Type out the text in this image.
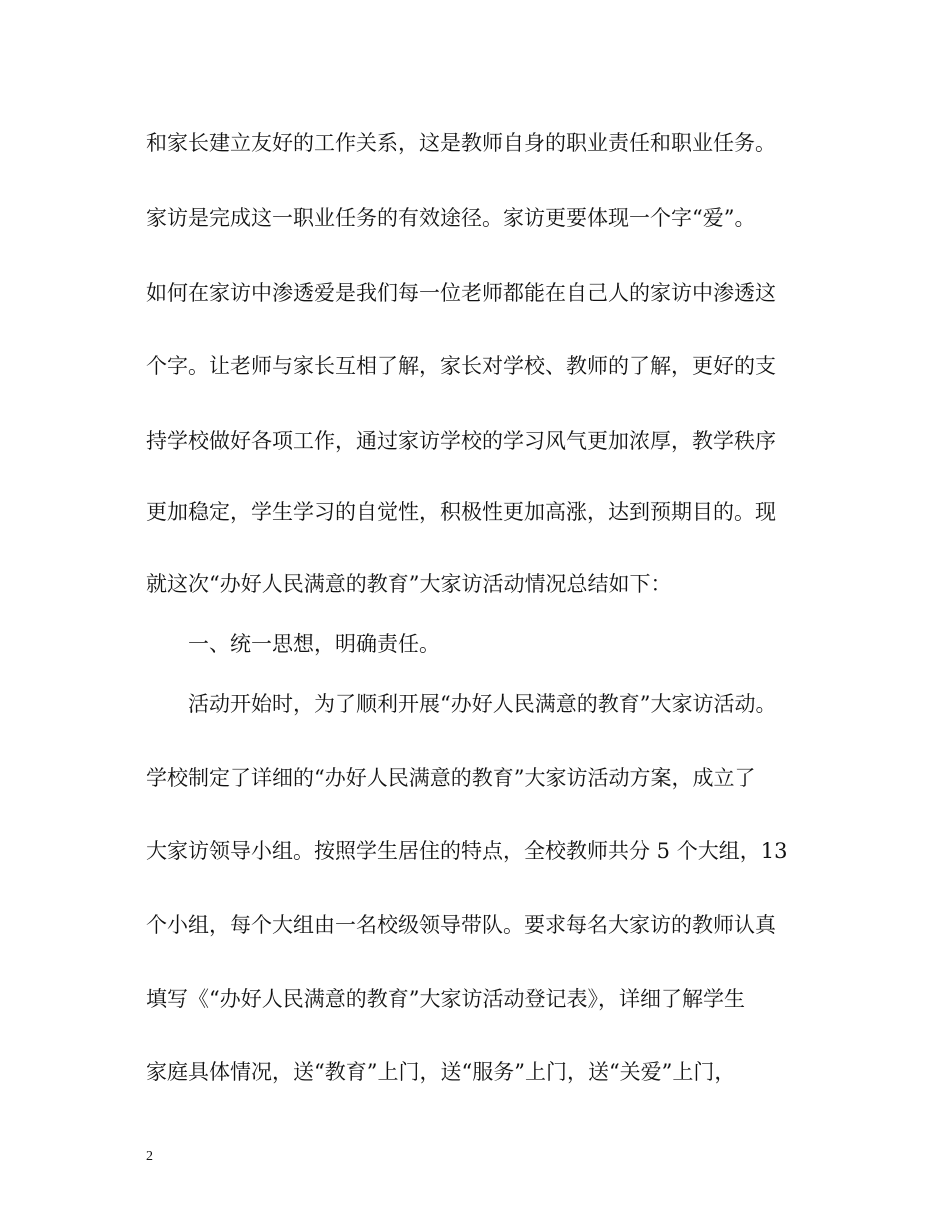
和家长建立友好的工作关系，这是教师自身的职业责任和职业任务。

家访是完成这一职业任务的有效途径。家访更要体现一个字“爱”。

如何在家访中渗透爱是我们每一位老师都能在自己人的家访中渗透这

个字。让老师与家长互相了解，家长对学校、教师的了解，更好的支

持学校做好各项工作，通过家访学校的学习风气更加浓厚，教学秩序

更加稳定，学生学习的自觉性，积极性更加高涨，达到预期目的。现

就这次“办好人民满意的教育”大家访活动情况总结如下：

一、统一思想，明确责任。

活动开始时，为了顺利开展“办好人民满意的教育”大家访活动。

学校制定了详细的“办好人民满意的教育”大家访活动方案，成立了

大家访领导小组。按照学生居住的特点，全校教师共分 5 个大组，13

个小组，每个大组由一名校级领导带队。要求每名大家访的教师认真

填写《“办好人民满意的教育”大家访活动登记表》，详细了解学生

家庭具体情况，送“教育”上门，送“服务”上门，送“关爱”上门，

2
